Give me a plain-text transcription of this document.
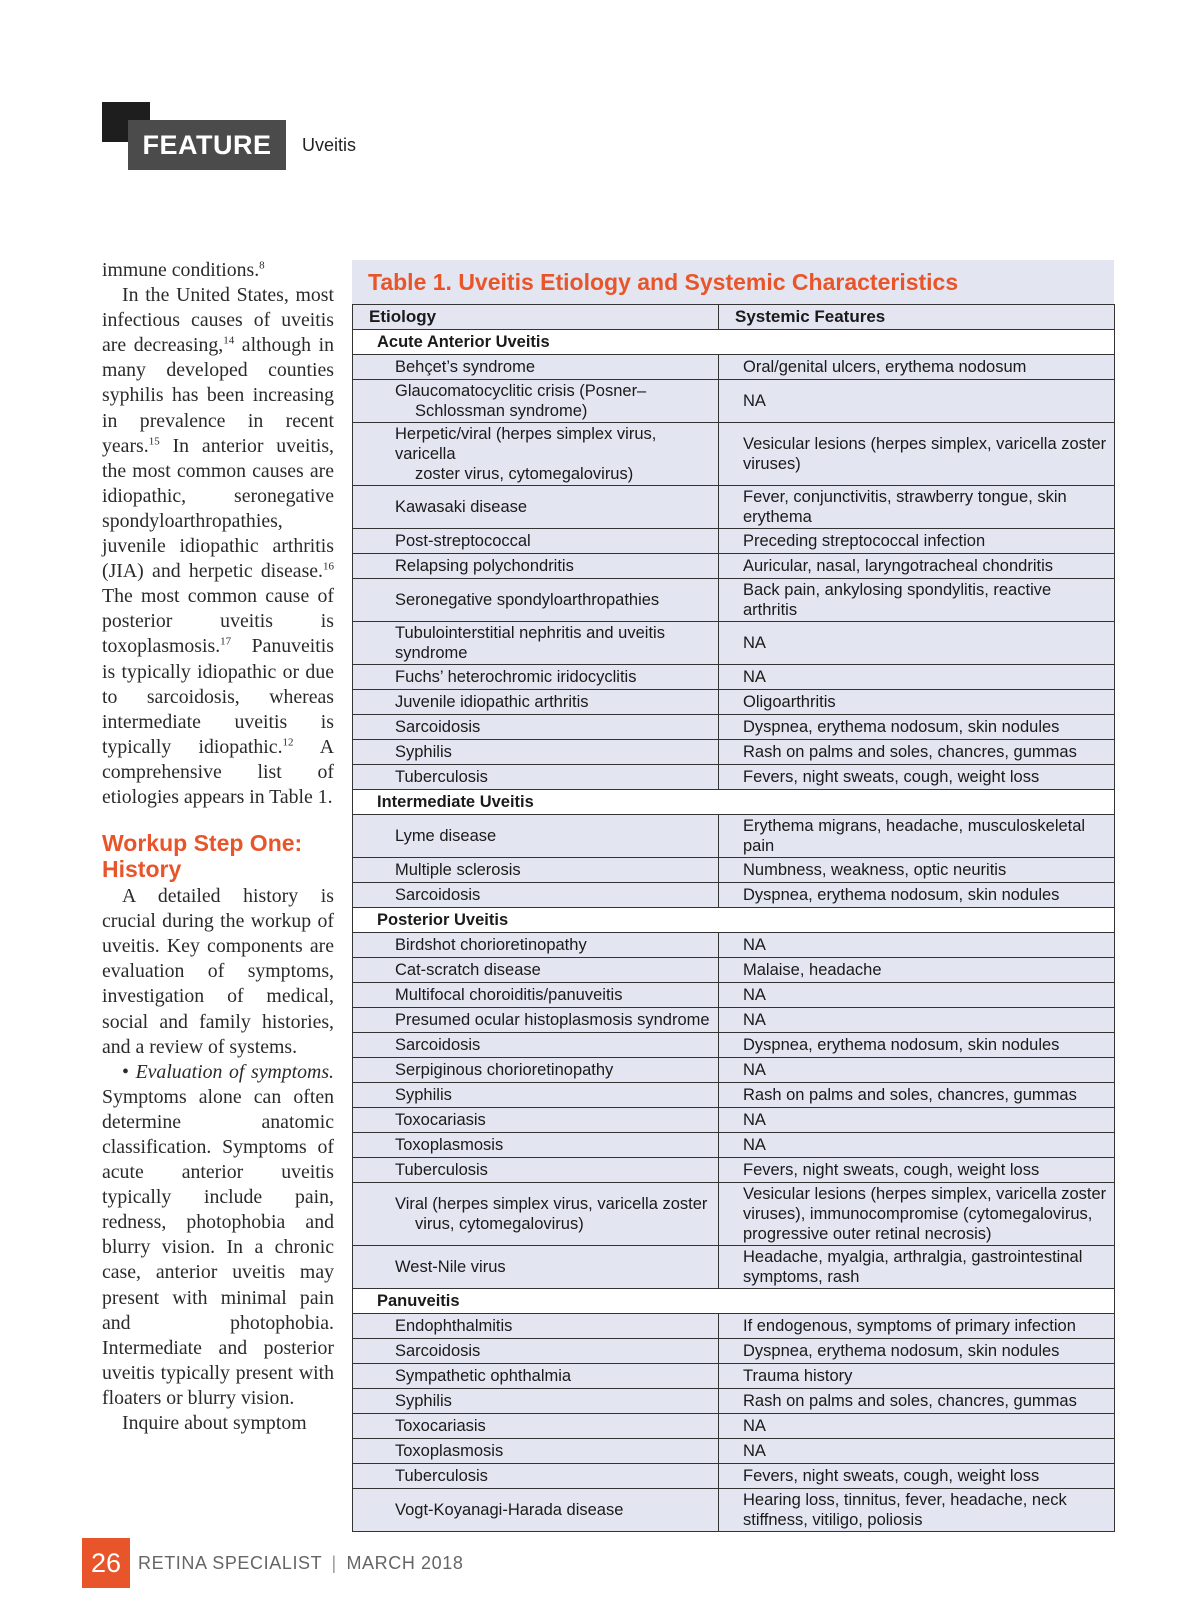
FEATURE	Uveitis

immune conditions.$^8$

In the United States, most infectious causes of uveitis are decreasing,$^{14}$ although in many developed counties syphilis has been increasing in prevalence in recent years.$^{15}$ In anterior uveitis, the most common causes are idiopathic, seronegative spondyloarthropathies, juvenile idiopathic arthritis (JIA) and herpetic disease.$^{16}$ The most common cause of posterior uveitis is toxoplasmosis.$^{17}$ Panuveitis is typically idiopathic or due to sarcoidosis, whereas intermediate uveitis is typically idiopathic.$^{12}$ A comprehensive list of etiologies appears in Table 1.

Workup Step One: History

A detailed history is crucial during the workup of uveitis. Key components are evaluation of symptoms, investigation of medical, social and family histories, and a review of systems.

• Evaluation of symptoms. Symptoms alone can often determine anatomic classification. Symptoms of acute anterior uveitis typically include pain, redness, photophobia and blurry vision. In a chronic case, anterior uveitis may present with minimal pain and photophobia. Intermediate and posterior uveitis typically present with floaters or blurry vision.

Inquire about symptom

Table 1. Uveitis Etiology and Systemic Characteristics
Etiology	Systemic Features
Acute Anterior Uveitis	
Behçet’s syndrome	Oral/genital ulcers, erythema nodosum
Glaucomatocyclitic crisis (Posner–
Schlossman syndrome)	NA
Herpetic/viral (herpes simplex virus, varicella
zoster virus, cytomegalovirus)	Vesicular lesions (herpes simplex, varicella zoster viruses)
Kawasaki disease	Fever, conjunctivitis, strawberry tongue, skin erythema
Post-streptococcal	Preceding streptococcal infection
Relapsing polychondritis	Auricular, nasal, laryngotracheal chondritis
Seronegative spondyloarthropathies	Back pain, ankylosing spondylitis, reactive arthritis
Tubulointerstitial nephritis and uveitis syndrome	NA
Fuchs’ heterochromic iridocyclitis	NA
Juvenile idiopathic arthritis	Oligoarthritis
Sarcoidosis	Dyspnea, erythema nodosum, skin nodules
Syphilis	Rash on palms and soles, chancres, gummas
Tuberculosis	Fevers, night sweats, cough, weight loss
Intermediate Uveitis	
Lyme disease	Erythema migrans, headache, musculoskeletal pain
Multiple sclerosis	Numbness, weakness, optic neuritis
Sarcoidosis	Dyspnea, erythema nodosum, skin nodules
Posterior Uveitis	
Birdshot chorioretinopathy	NA
Cat-scratch disease	Malaise, headache
Multifocal choroiditis/panuveitis	NA
Presumed ocular histoplasmosis syndrome	NA
Sarcoidosis	Dyspnea, erythema nodosum, skin nodules
Serpiginous chorioretinopathy	NA
Syphilis	Rash on palms and soles, chancres, gummas
Toxocariasis	NA
Toxoplasmosis	NA
Tuberculosis	Fevers, night sweats, cough, weight loss
Viral (herpes simplex virus, varicella zoster
virus, cytomegalovirus)	Vesicular lesions (herpes simplex, varicella zoster viruses), immunocompromise (cytomegalovirus, progressive outer retinal necrosis)
West-Nile virus	Headache, myalgia, arthralgia, gastrointestinal symptoms, rash
Panuveitis	
Endophthalmitis	If endogenous, symptoms of primary infection
Sarcoidosis	Dyspnea, erythema nodosum, skin nodules
Sympathetic ophthalmia	Trauma history
Syphilis	Rash on palms and soles, chancres, gummas
Toxocariasis	NA
Toxoplasmosis	NA
Tuberculosis	Fevers, night sweats, cough, weight loss
Vogt-Koyanagi-Harada disease	Hearing loss, tinnitus, fever, headache, neck stiffness, vitiligo, poliosis
26 RETINA SPECIALIST | MARCH 2018
